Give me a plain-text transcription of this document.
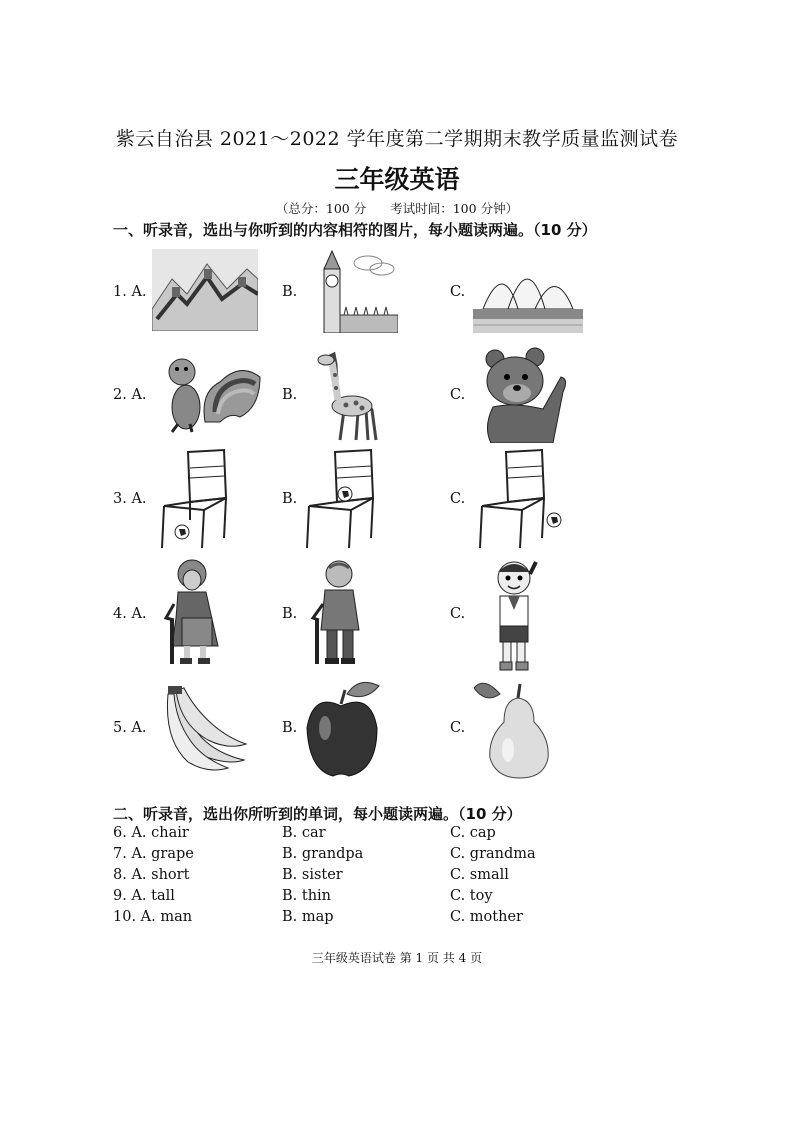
紫云自治县 2021～2022 学年度第二学期期末教学质量监测试卷
三年级英语
（总分：100 分 考试时间：100 分钟）
一、听录音，选出与你听到的内容相符的图片，每小题读两遍。（10 分）
1. A.	B.	C.
2. A.	B.	C.
3. A.	B.	C.
4. A.	B.	C.
5. A.	B.	C.
二、听录音，选出你所听到的单词，每小题读两遍。（10 分）
6. A. chair	B. car	C. cap
7. A. grape	B. grandpa	C. grandma
8. A. short	B. sister	C. small
9. A. tall	B. thin	C. toy
10. A. man	B. map	C. mother
三年级英语试卷 第 1 页 共 4 页
